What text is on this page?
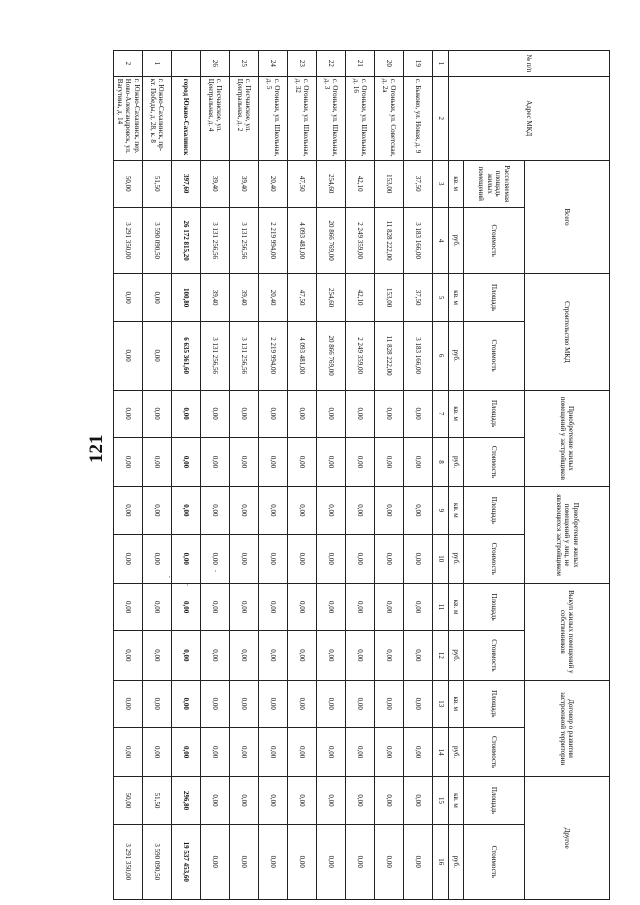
121
·
·
·
№ п/п	Адрес МКД	Всего		Строительство МКД		Приобретение жилых помещений у застройщиков		Приобретение жилых помещений у лиц, не являющихся застройщиком		Выкуп жилых помещений у собственников		Договор о развитии застроенной территории		Другое	
		Расселяемая площадь жилых помещений	Стоимость	Площадь	Стоимость	Площадь	Стоимость	Площадь	Стоимость	Площадь	Стоимость	Площадь	Стоимость	Площадь	Стоимость
		кв. м	руб.	кв. м	руб.	кв. м	руб.	кв. м	руб.	кв. м	руб.	кв. м	руб.	кв. м	руб.
1	2	3	4	5	6	7	8	9	10	11	12	13	14	15	16
19	с. Быково, ул. Новая, д. 9	37,50	3 183 166,00	37,50	3 183 166,00	0,00	0,00	0,00	0,00	0,00	0,00	0,00	0,00	0,00	0,00
20	с. Огоньки, ул. Советская, д. 2а	153,00	11 828 222,00	153,00	11 828 222,00	0,00	0,00	0,00	0,00	0,00	0,00	0,00	0,00	0,00	0,00
21	с. Огоньки, ул. Школьная, д. 16	42,10	2 249 359,00	42,10	2 249 359,00	0,00	0,00	0,00	0,00	0,00	0,00	0,00	0,00	0,00	0,00
22	с. Огоньки, ул. Школьная, д. 3	254,60	20 866 769,00	254,60	20 866 769,00	0,00	0,00	0,00	0,00	0,00	0,00	0,00	0,00	0,00	0,00
23	с. Огоньки, ул. Школьная, д. 32	47,50	4 093 481,00	47,50	4 093 481,00	0,00	0,00	0,00	0,00	0,00	0,00	0,00	0,00	0,00	0,00
24	с. Огоньки, ул. Школьная, д. 5	20,40	2 219 994,00	20,40	2 219 994,00	0,00	0,00	0,00	0,00	0,00	0,00	0,00	0,00	0,00	0,00
25	с. Песчанское, ул. Центральная, д. 2	39,40	3 131 256,56	39,40	3 131 256,56	0,00	0,00	0,00	0,00	0,00	0,00	0,00	0,00	0,00	0,00
26	с. Песчанское, ул. Центральная, д. 4	39,40	3 131 256,56	39,40	3 131 256,56	0,00	0,00	0,00	0,00	0,00	0,00	0,00	0,00	0,00	0,00
	город Южно-Сахалинск	397,60	26 172 815,20	100,80	6 635 361,60	0,00	0,00	0,00	0,00	0,00	0,00	0,00	0,00	296,80	19 537 453,60
1	г. Южно-Сахалинск, пр-кт. Победы, д. 28, к. 8	51,50	3 590 090,50	0,00	0,00	0,00	0,00	0,00	0,00	0,00	0,00	0,00	0,00	51,50	3 590 090,50
2	г. Южно-Сахалинск, пер. Ново-Александровск, ул. Вагутина, д. 14	50,00	3 291 350,00	0,00	0,00	0,00	0,00	0,00	0,00	0,00	0,00	0,00	0,00	50,00	3 291 350,00
